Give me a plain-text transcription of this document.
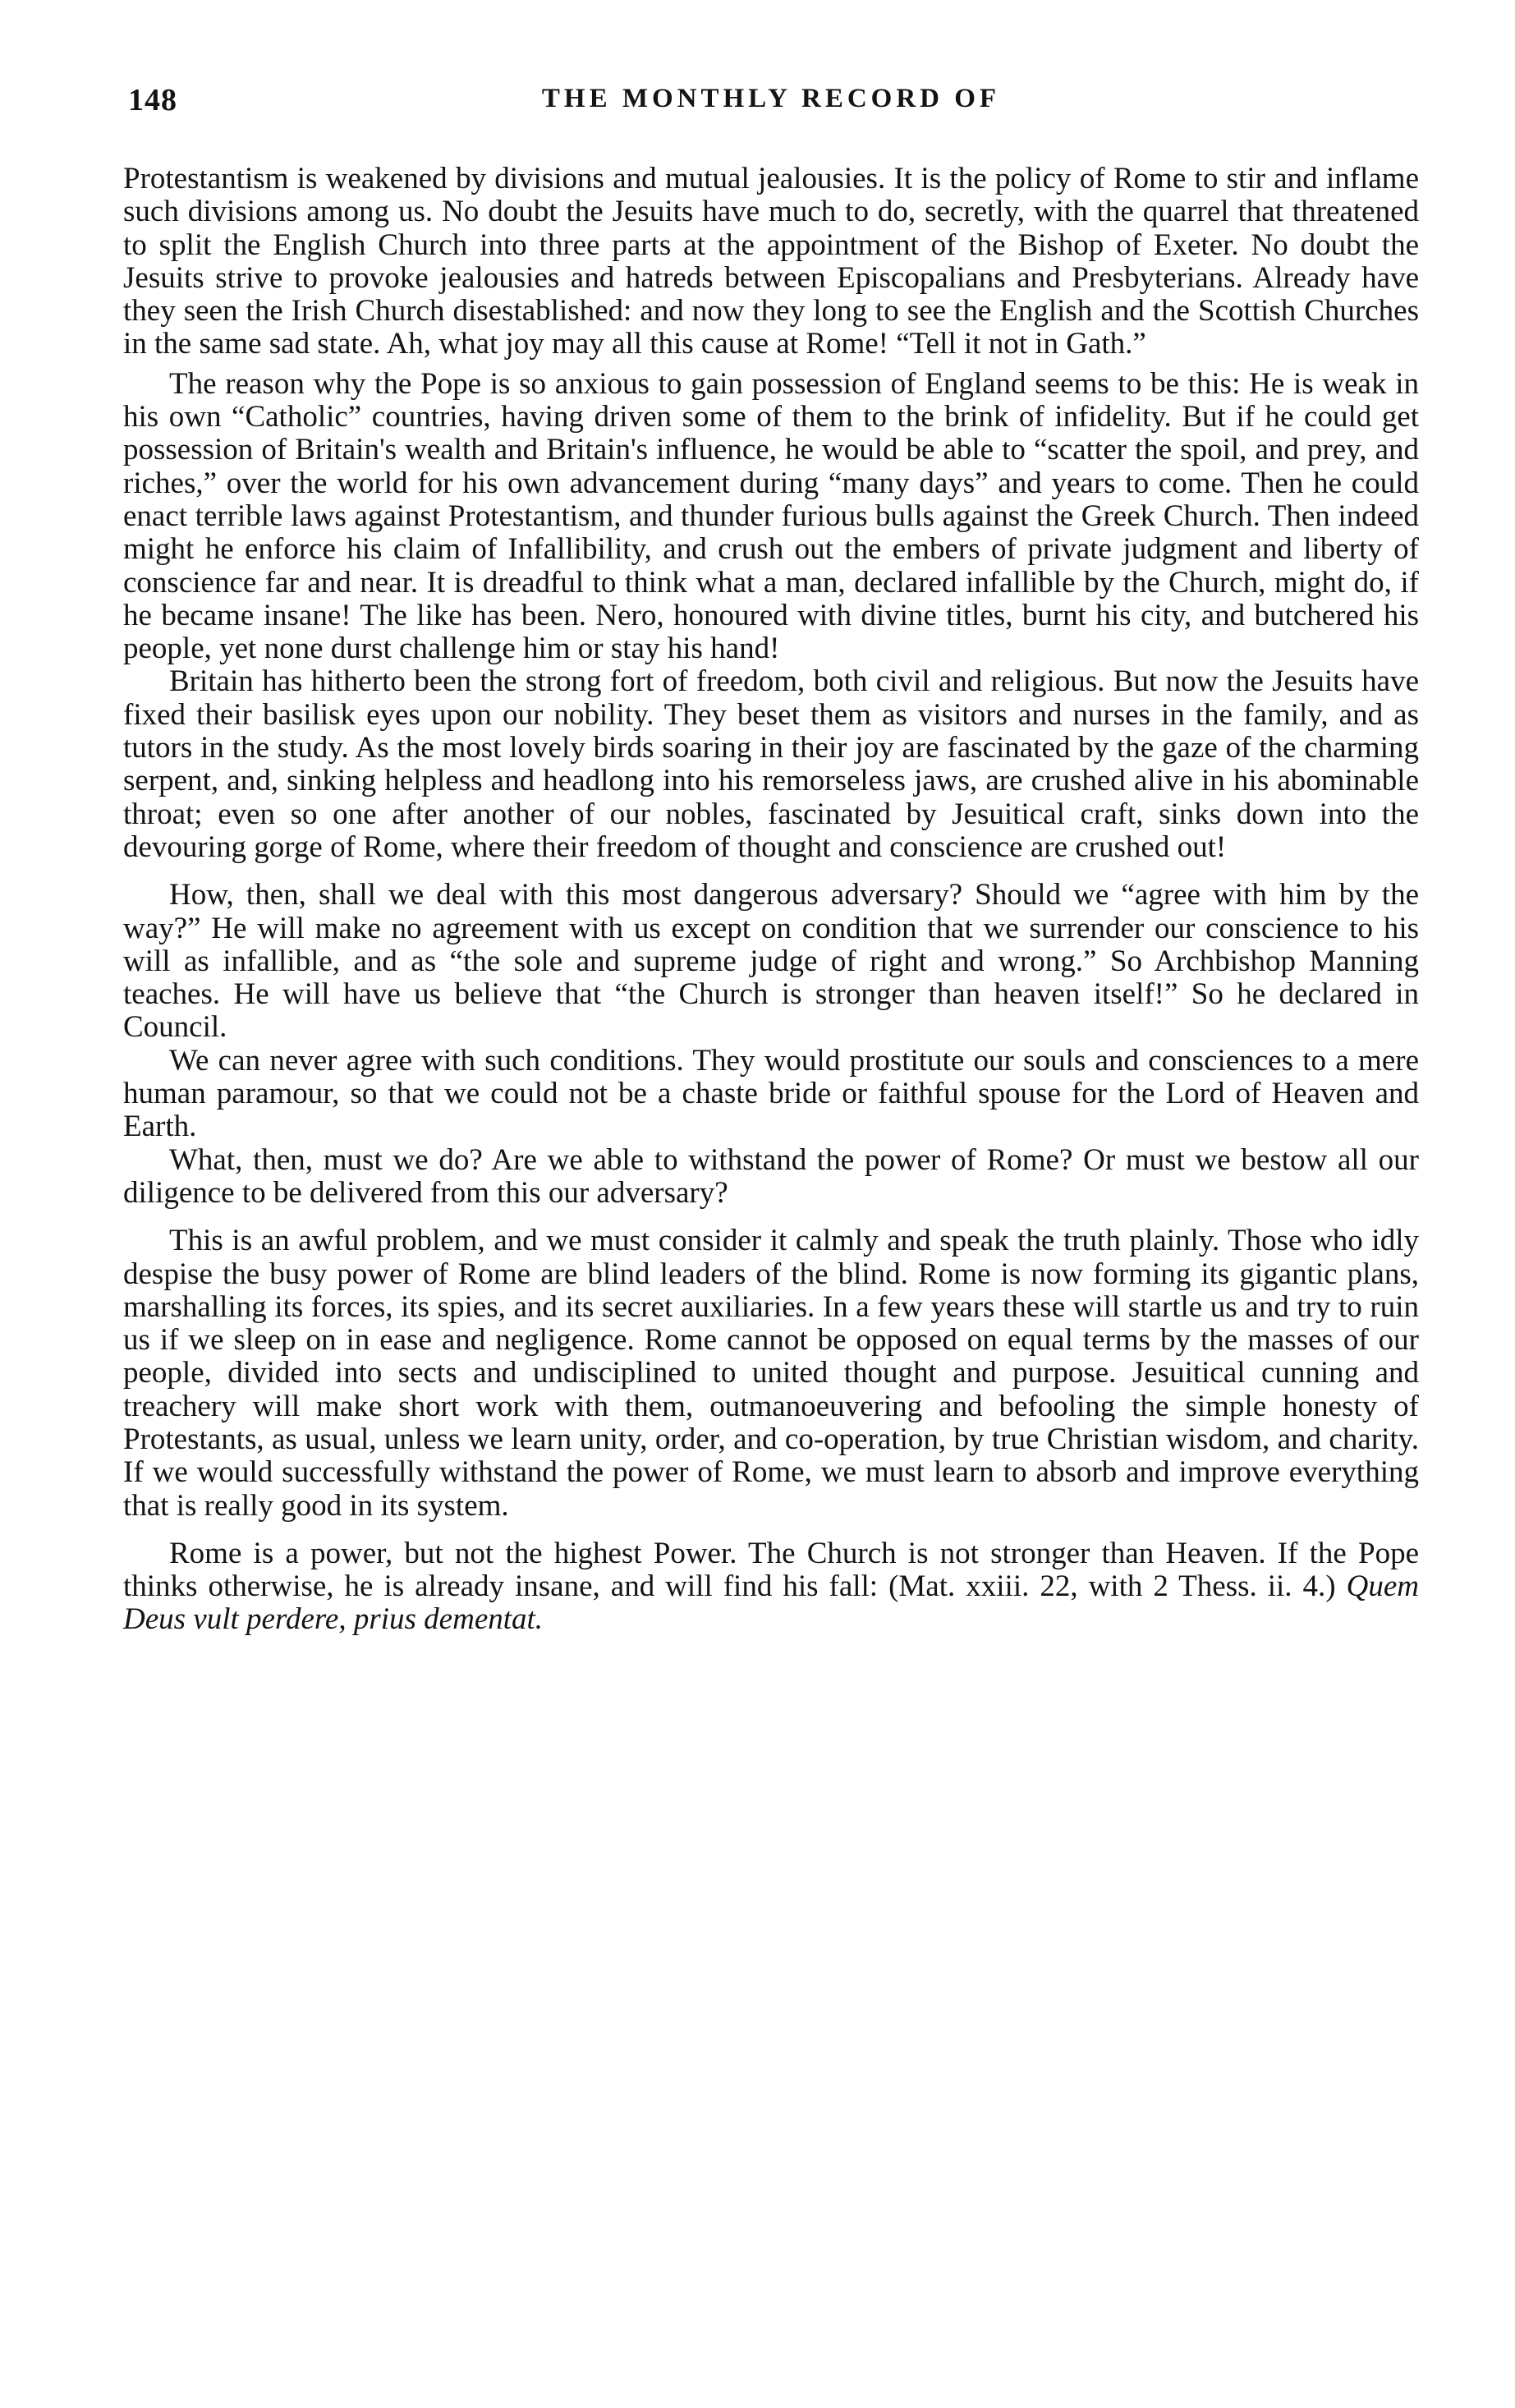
148	THE MONTHLY RECORD OF

Protestantism is weakened by divisions and mutual jealousies. It is the policy of Rome to stir and inflame such divisions among us. No doubt the Jesuits have much to do, secretly, with the quarrel that threatened to split the English Church into three parts at the appointment of the Bishop of Exeter. No doubt the Jesuits strive to provoke jealousies and hatreds between Episcopalians and Presbyterians. Already have they seen the Irish Church disestablished: and now they long to see the English and the Scottish Churches in the same sad state. Ah, what joy may all this cause at Rome! “Tell it not in Gath.”

The reason why the Pope is so anxious to gain possession of England seems to be this: He is weak in his own “Catholic” countries, having driven some of them to the brink of infidelity. But if he could get possession of Britain's wealth and Britain's influence, he would be able to “scatter the spoil, and prey, and riches,” over the world for his own advancement during “many days” and years to come. Then he could enact terrible laws against Protestantism, and thunder furious bulls against the Greek Church. Then indeed might he enforce his claim of Infallibility, and crush out the embers of private judgment and liberty of conscience far and near. It is dreadful to think what a man, declared infallible by the Church, might do, if he became insane! The like has been. Nero, honoured with divine titles, burnt his city, and butchered his people, yet none durst challenge him or stay his hand!

Britain has hitherto been the strong fort of freedom, both civil and religious. But now the Jesuits have fixed their basilisk eyes upon our nobility. They beset them as visitors and nurses in the family, and as tutors in the study. As the most lovely birds soaring in their joy are fascinated by the gaze of the charming serpent, and, sinking helpless and headlong into his remorseless jaws, are crushed alive in his abominable throat; even so one after another of our nobles, fascinated by Jesuitical craft, sinks down into the devouring gorge of Rome, where their freedom of thought and conscience are crushed out!

How, then, shall we deal with this most dangerous adversary? Should we “agree with him by the way?” He will make no agreement with us except on condition that we surrender our conscience to his will as infallible, and as “the sole and supreme judge of right and wrong.” So Archbishop Manning teaches. He will have us believe that “the Church is stronger than heaven itself!” So he declared in Council.

We can never agree with such conditions. They would prostitute our souls and consciences to a mere human paramour, so that we could not be a chaste bride or faithful spouse for the Lord of Heaven and Earth.

What, then, must we do? Are we able to withstand the power of Rome? Or must we bestow all our diligence to be delivered from this our adversary?

This is an awful problem, and we must consider it calmly and speak the truth plainly. Those who idly despise the busy power of Rome are blind leaders of the blind. Rome is now forming its gigantic plans, marshalling its forces, its spies, and its secret auxiliaries. In a few years these will startle us and try to ruin us if we sleep on in ease and negligence. Rome cannot be opposed on equal terms by the masses of our people, divided into sects and undisciplined to united thought and purpose. Jesuitical cunning and treachery will make short work with them, outmanoeuvering and befooling the simple honesty of Protestants, as usual, unless we learn unity, order, and co-operation, by true Christian wisdom, and charity. If we would successfully withstand the power of Rome, we must learn to absorb and improve everything that is really good in its system.

Rome is a power, but not the highest Power. The Church is not stronger than Heaven. If the Pope thinks otherwise, he is already insane, and will find his fall: (Mat. xxiii. 22, with 2 Thess. ii. 4.) Quem Deus vult perdere, prius dementat.
